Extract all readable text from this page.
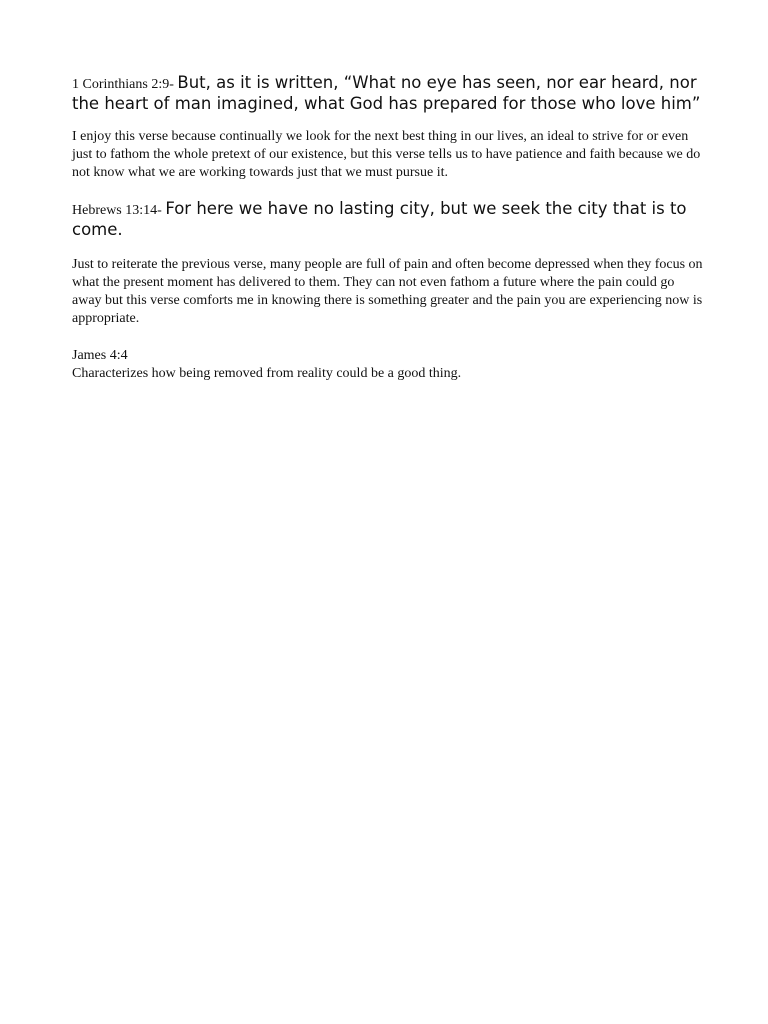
1 Corinthians 2:9- But, as it is written, “What no eye has seen, nor ear heard, nor the heart of man imagined, what God has prepared for those who love him”

I enjoy this verse because continually we look for the next best thing in our lives, an ideal to strive for or even just to fathom the whole pretext of our existence, but this verse tells us to have patience and faith because we do not know what we are working towards just that we must pursue it.

Hebrews 13:14- For here we have no lasting city, but we seek the city that is to come.

Just to reiterate the previous verse, many people are full of pain and often become depressed when they focus on what the present moment has delivered to them. They can not even fathom a future where the pain could go away but this verse comforts me in knowing there is something greater and the pain you are experiencing now is appropriate.

James 4:4
Characterizes how being removed from reality could be a good thing.
